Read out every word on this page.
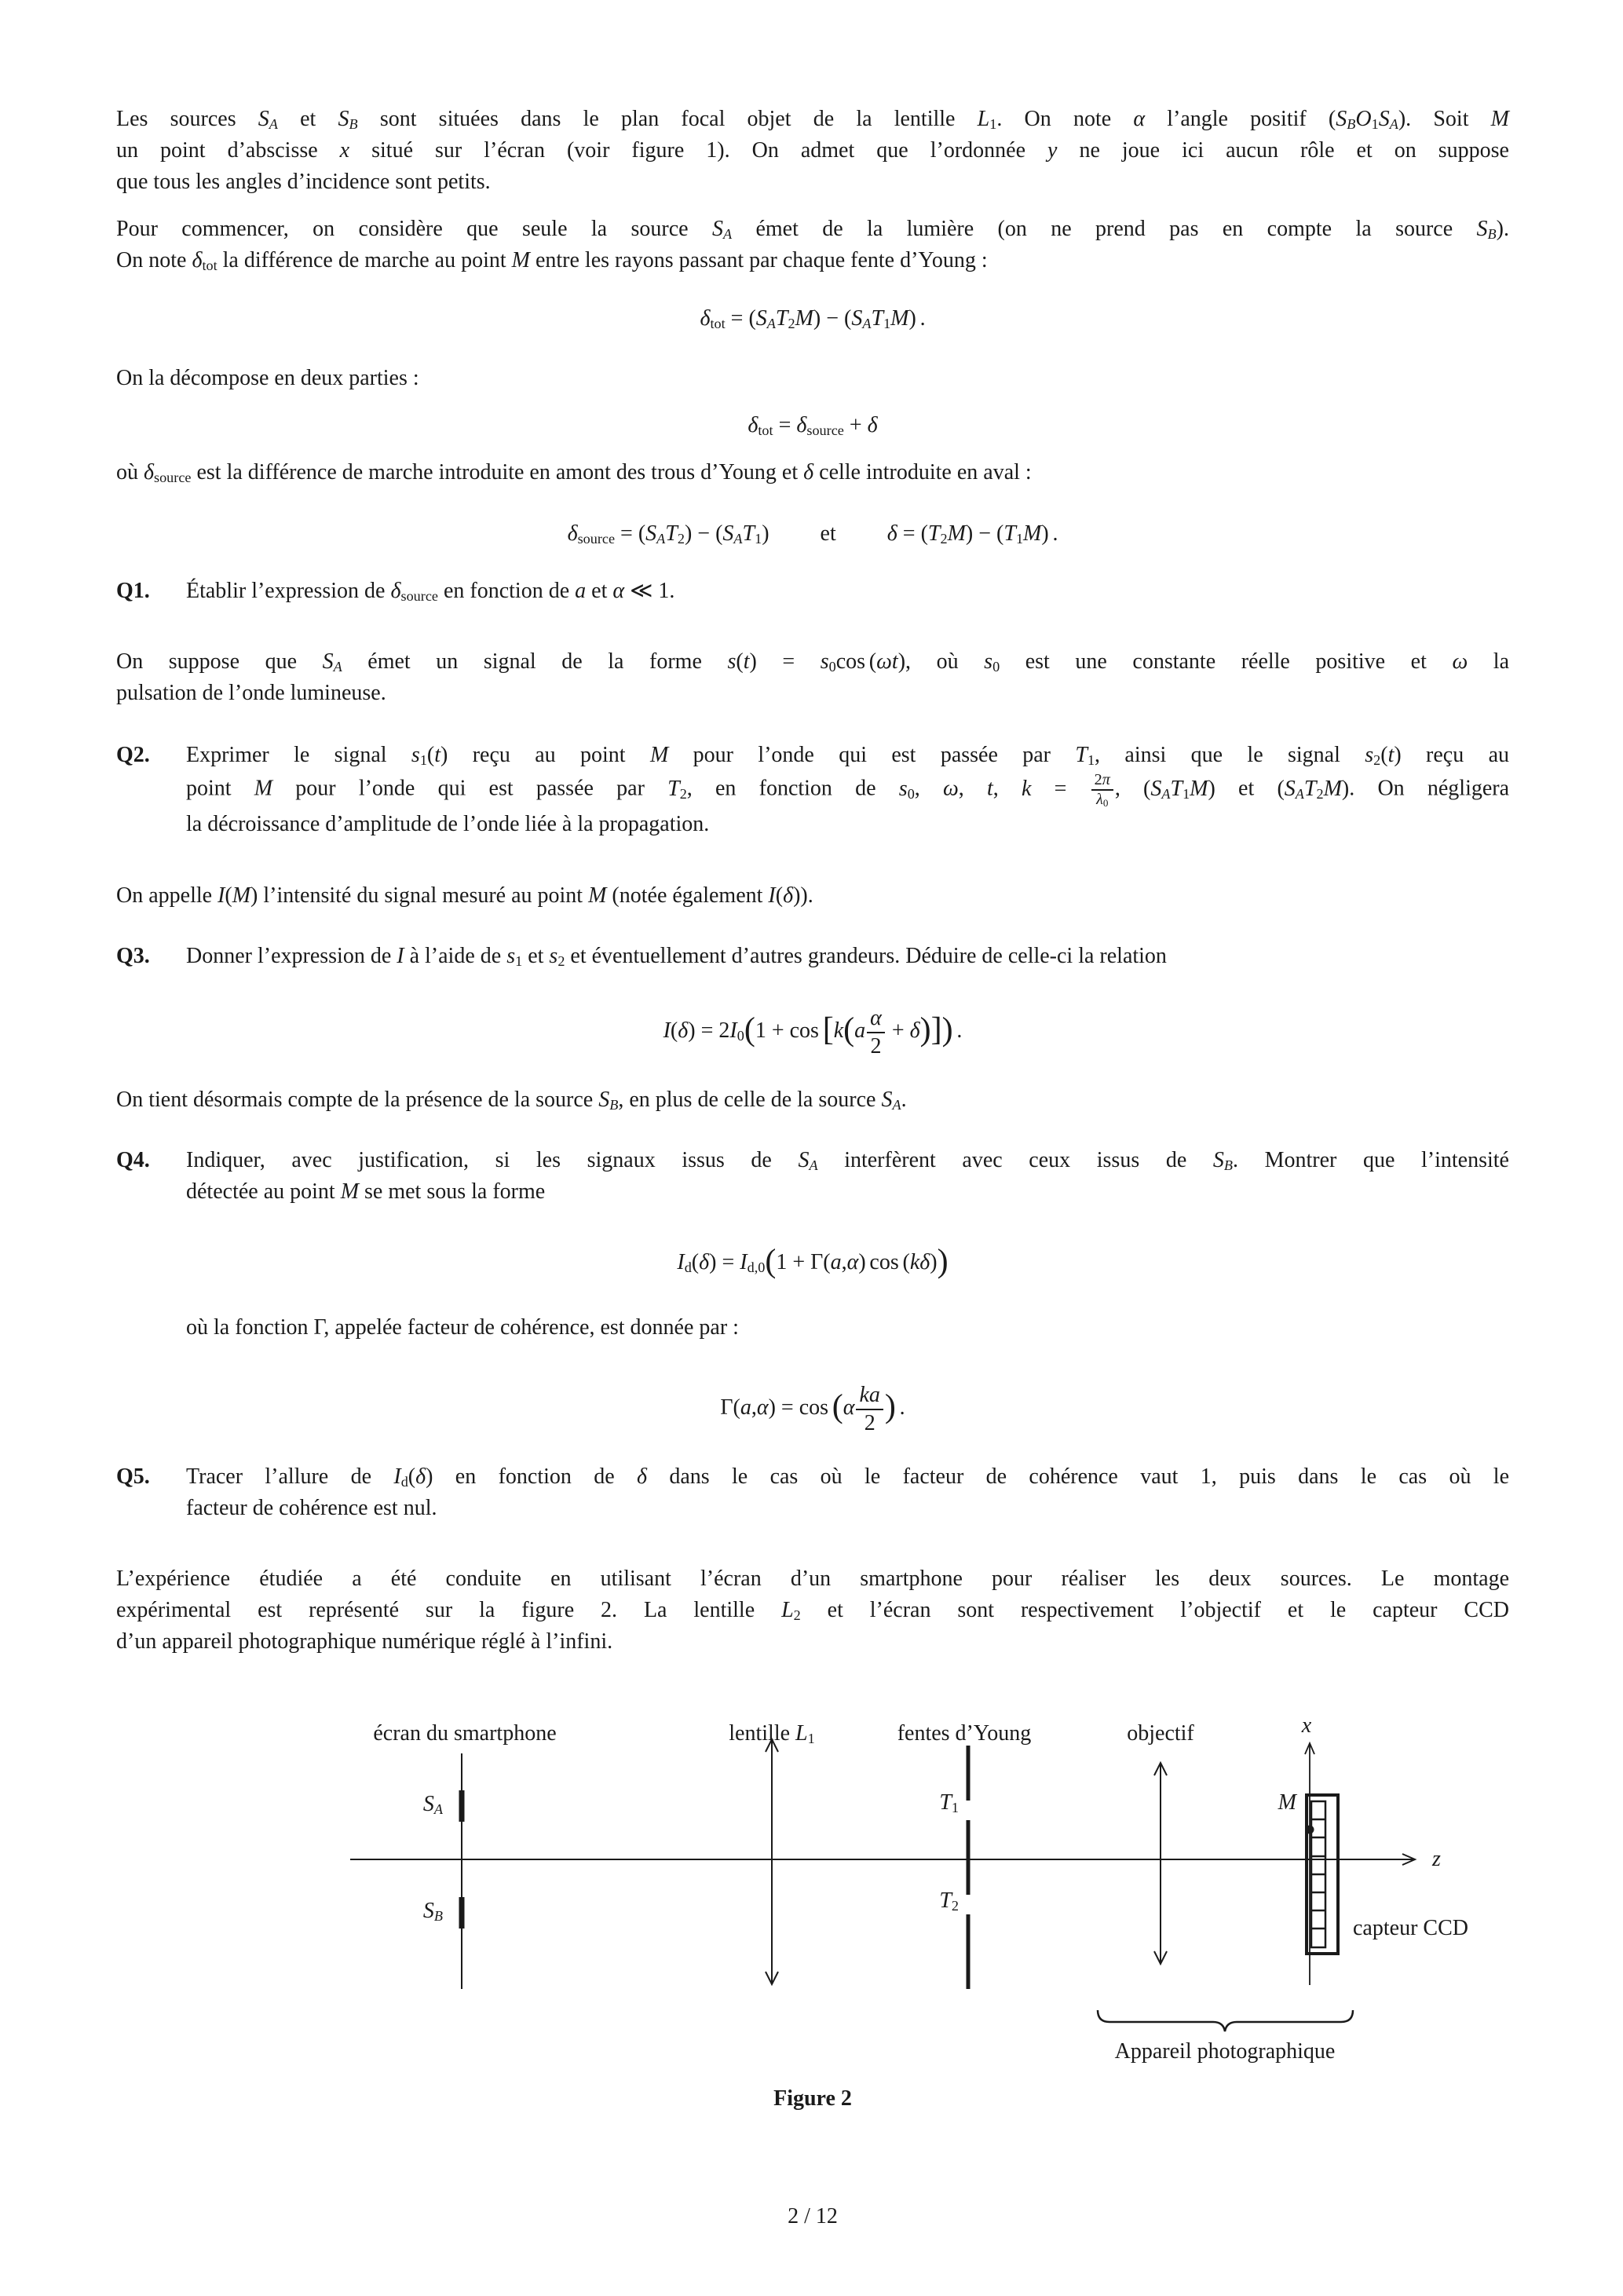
Les sources $S_A$ et $S_B$ sont situées dans le plan focal objet de la lentille $L_1$. On note α l’angle positif $(S_BO_1S_A)$. Soit M
un point d’abscisse x situé sur l’écran (voir figure 1). On admet que l’ordonnée y ne joue ici aucun rôle et on suppose
que tous les angles d’incidence sont petits.
Pour commencer, on considère que seule la source $S_A$ émet de la lumière (on ne prend pas en compte la source $S_B$).
On note $\delta_{tot}$ la différence de marche au point M entre les rayons passant par chaque fente d’Young :
$\delta_{tot} = (S_AT_2M) - (S_AT_1M)$ .
On la décompose en deux parties :
$\delta_{tot} = \delta_{source} + \delta$
où $\delta_{source}$ est la différence de marche introduite en amont des trous d’Young et δ celle introduite en aval :
$\delta_{source} = (S_AT_2) - (S_AT_1)$ et $\delta = (T_2M) - (T_1M)$ .
Q1.	Établir l’expression de $\delta_{source}$ en fonction de a et α ≪ 1.
On suppose que $S_A$ émet un signal de la forme $s(t) = s_0\cos$ (ωt), où $s_0$ est une constante réelle positive et ω la
pulsation de l’onde lumineuse.
Q2.	Exprimer le signal $s_1(t)$ reçu au point M pour l’onde qui est passée par $T_1$, ainsi que le signal $s_2(t)$ reçu au
point M pour l’onde qui est passée par $T_2$, en fonction de $s_0$, ω, t, $k = \frac{2\pi}{\lambda_0}$ , $(S_AT_1M)$ et $(S_AT_2M)$. On négligera
la décroissance d’amplitude de l’onde liée à la propagation.
On appelle I(M) l’intensité du signal mesuré au point M (notée également I(δ)).
Q3.	Donner l’expression de I à l’aide de $s_1$ et $s_2$ et éventuellement d’autres grandeurs. Déduire de celle-ci la relation
$I(\delta) = 2I_0(1 + \cos [k(a \frac{\alpha}{2} + \delta)])$ .
On tient désormais compte de la présence de la source $S_B$, en plus de celle de la source $S_A$.
Q4.	Indiquer, avec justification, si les signaux issus de $S_A$ interfèrent avec ceux issus de $S_B$. Montrer que l’intensité
détectée au point M se met sous la forme
$I_d(\delta) = I_{d,0}(1 + \Gamma(a,\alpha)$ cos (kδ))
où la fonction Γ, appelée facteur de cohérence, est donnée par :
$\Gamma(a,\alpha) = \cos (\alpha \frac{ka}{2}$ ) .
Q5.	Tracer l’allure de $I_d(\delta)$ en fonction de δ dans le cas où le facteur de cohérence vaut 1, puis dans le cas où le
facteur de cohérence est nul.
L’expérience étudiée a été conduite en utilisant l’écran d’un smartphone pour réaliser les deux sources. Le montage
expérimental est représenté sur la figure 2. La lentille $L_2$ et l’écran sont respectivement l’objectif et le capteur CCD
d’un appareil photographique numérique réglé à l’infini.
écran du smartphone	lentille $L_1$	fentes d’Young	objectif	x
$S_A$
$S_B$
$T_1$
$T_2$
M
z
capteur CCD
Appareil photographique
Figure 2
2 / 12
